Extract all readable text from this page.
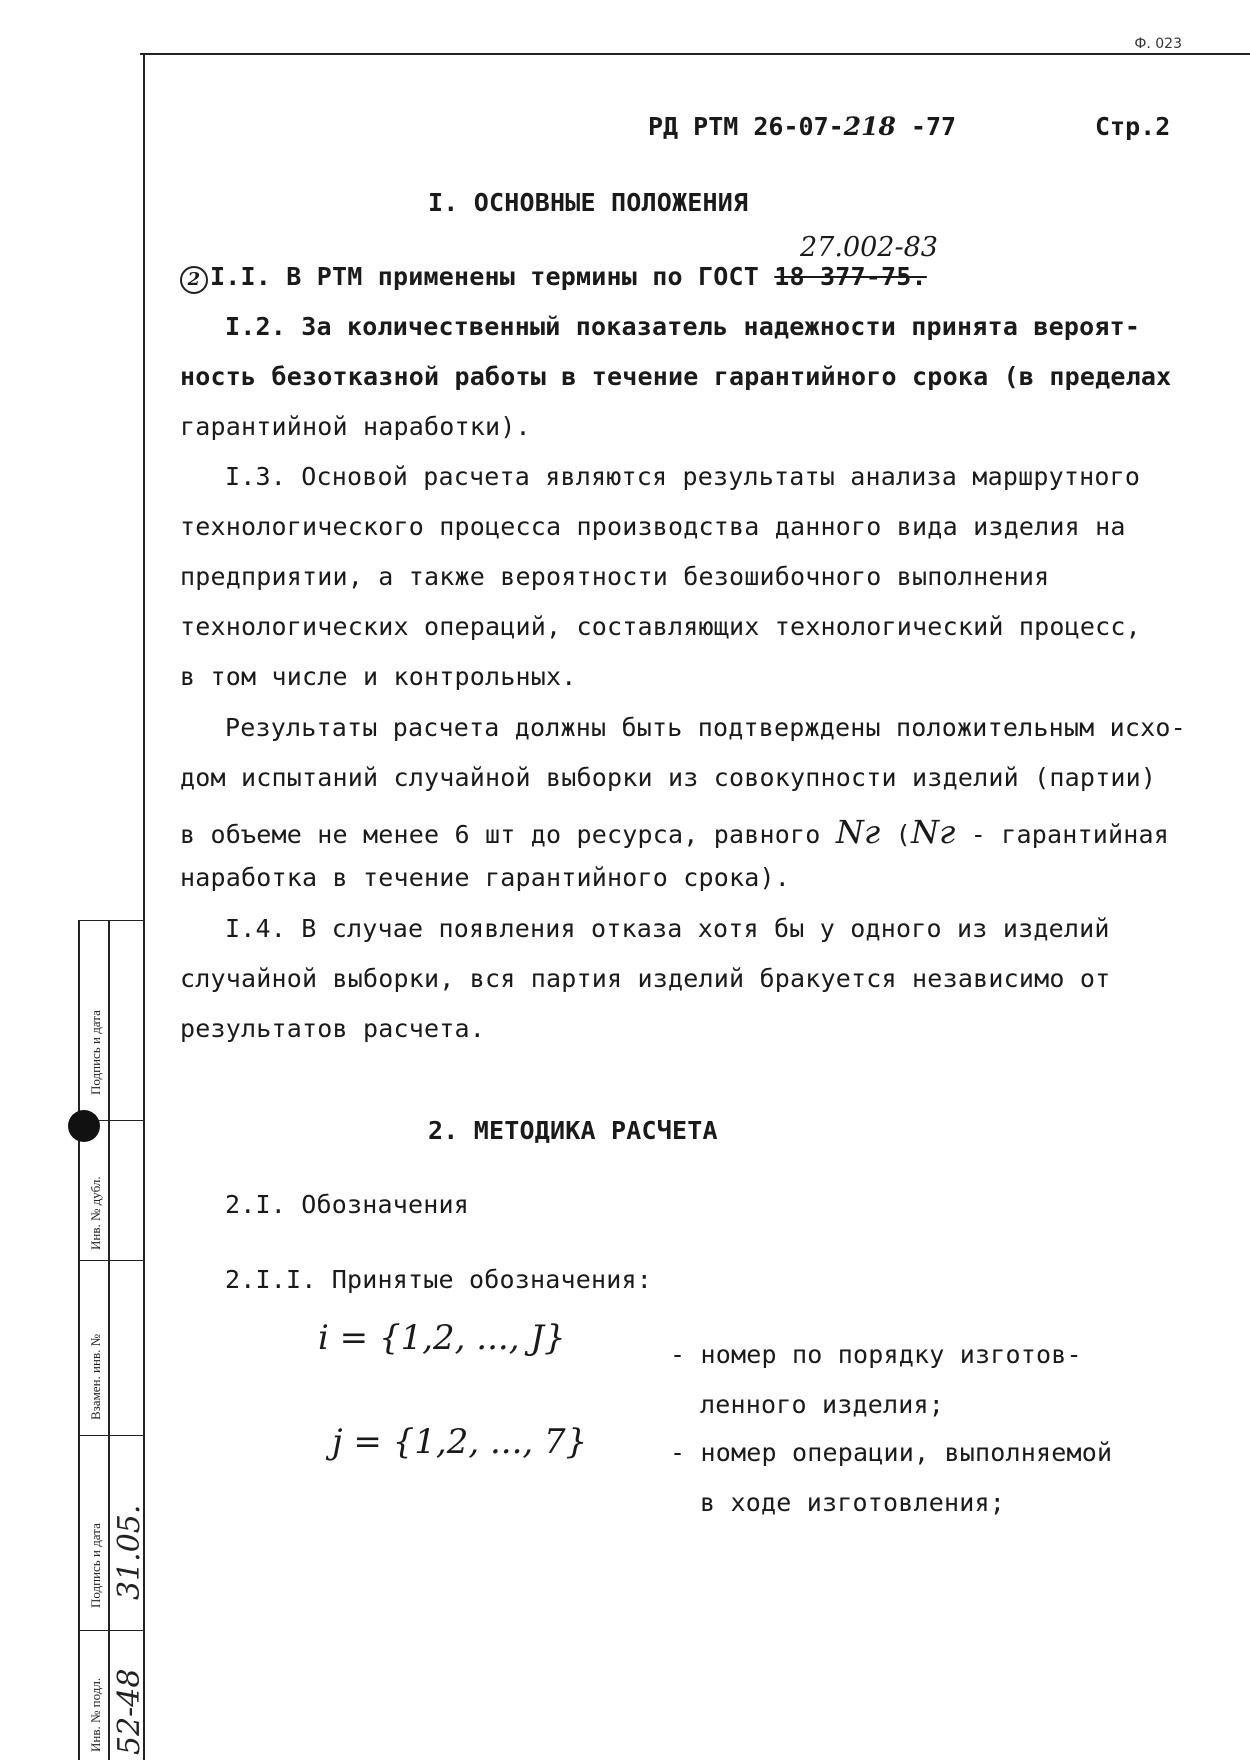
Ф. 023
РД РТМ 26-07-218 -77	Стр.2
I. ОСНОВНЫЕ ПОЛОЖЕНИЯ
27.002-83
2 I.I. В РТМ применены термины по ГОСТ 18 377-75.
I.2. За количественный показатель надежности принята вероят-
ность безотказной работы в течение гарантийного срока (в пределах
гарантийной наработки).
I.3. Основой расчета являются результаты анализа маршрутного
технологического процесса производства данного вида изделия на
предприятии, а также вероятности безошибочного выполнения
технологических операций, составляющих технологический процесс,
в том числе и контрольных.
Результаты расчета должны быть подтверждены положительным исхо-
дом испытаний случайной выборки из совокупности изделий (партии)
в объеме не менее 6 шт до ресурса, равного Nг (Nг - гарантийная
наработка в течение гарантийного срока).
I.4. В случае появления отказа хотя бы у одного из изделий
случайной выборки, вся партия изделий бракуется независимо от
результатов расчета.
2. МЕТОДИКА РАСЧЕТА
2.I. Обозначения
2.I.I. Принятые обозначения:
i = {1,2, ..., J}	- номер по порядку изготов-
ленного изделия;
j = {1,2, ..., 7}	- номер операции, выполняемой
в ходе изготовления;
Подпись и дата
Инв. № дубл.
Взамен. инв. №
Подпись и дата
Инв. № подл.
31.05.
52-48
